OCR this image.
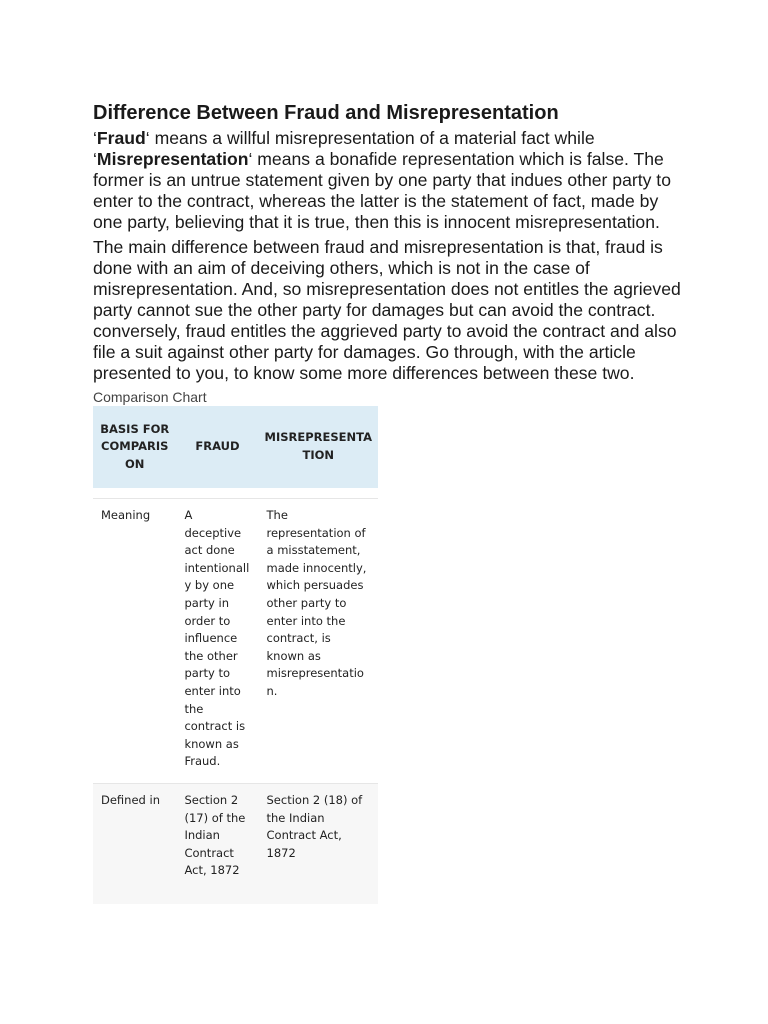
Difference Between Fraud and Misrepresentation

‘Fraud‘ means a willful misrepresentation of a material fact while ‘Misrepresentation‘ means a bonafide representation which is false. The former is an untrue statement given by one party that indues other party to enter to the contract, whereas the latter is the statement of fact, made by one party, believing that it is true, then this is innocent misrepresentation.

The main difference between fraud and misrepresentation is that, fraud is done with an aim of deceiving others, which is not in the case of misrepresentation. And, so misrepresentation does not entitles the agrieved party cannot sue the other party for damages but can avoid the contract. conversely, fraud entitles the aggrieved party to avoid the contract and also file a suit against other party for damages. Go through, with the article presented to you, to know some more differences between these two.

Comparison Chart
BASIS FOR COMPARIS ON	FRAUD	MISREPRESENTA TION

Meaning	A deceptive act done intentionall y by one party in order to influence the other party to enter into the contract is known as Fraud.	The representation of a misstatement, made innocently, which persuades other party to enter into the contract, is known as misrepresentatio n.
Defined in	Section 2 (17) of the Indian Contract Act, 1872	Section 2 (18) of the Indian Contract Act, 1872
